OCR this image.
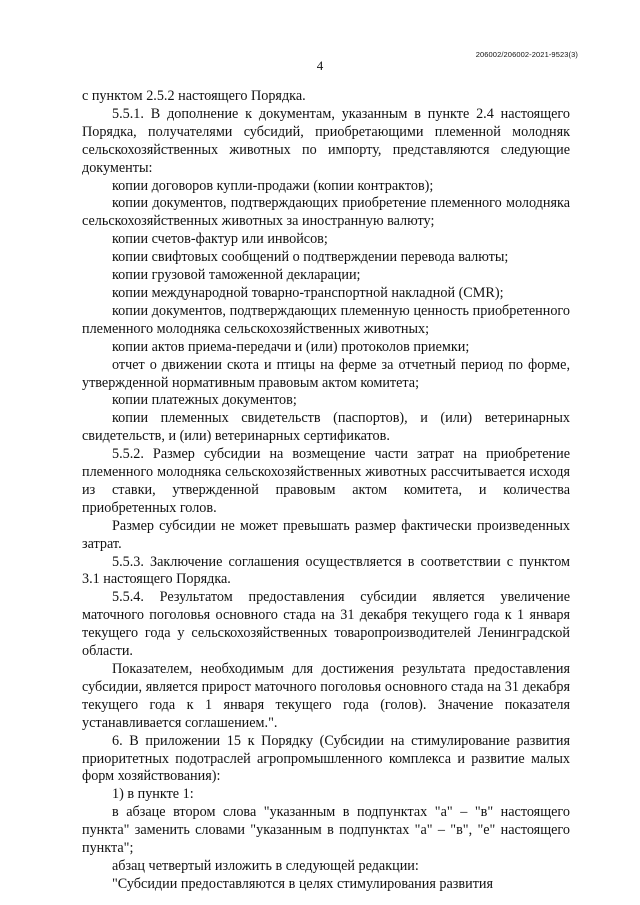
4
206002/206002-2021-9523(3)

с пунктом 2.5.2 настоящего Порядка.

5.5.1. В дополнение к документам, указанным в пункте 2.4 настоящего Порядка, получателями субсидий, приобретающими племенной молодняк сельскохозяйственных животных по импорту, представляются следующие документы:

копии договоров купли-продажи (копии контрактов);

копии документов, подтверждающих приобретение племенного молодняка сельскохозяйственных животных за иностранную валюту;

копии счетов-фактур или инвойсов;

копии свифтовых сообщений о подтверждении перевода валюты;

копии грузовой таможенной декларации;

копии международной товарно-транспортной накладной (CMR);

копии документов, подтверждающих племенную ценность приобретенного племенного молодняка сельскохозяйственных животных;

копии актов приема-передачи и (или) протоколов приемки;

отчет о движении скота и птицы на ферме за отчетный период по форме, утвержденной нормативным правовым актом комитета;

копии платежных документов;

копии племенных свидетельств (паспортов), и (или) ветеринарных свидетельств, и (или) ветеринарных сертификатов.

5.5.2. Размер субсидии на возмещение части затрат на приобретение племенного молодняка сельскохозяйственных животных рассчитывается исходя из ставки, утвержденной правовым актом комитета, и количества приобретенных голов.

Размер субсидии не может превышать размер фактически произведенных затрат.

5.5.3. Заключение соглашения осуществляется в соответствии с пунктом 3.1 настоящего Порядка.

5.5.4. Результатом предоставления субсидии является увеличение маточного поголовья основного стада на 31 декабря текущего года к 1 января текущего года у сельскохозяйственных товаропроизводителей Ленинградской области.

Показателем, необходимым для достижения результата предоставления субсидии, является прирост маточного поголовья основного стада на 31 декабря текущего года к 1 января текущего года (голов). Значение показателя устанавливается соглашением.".

6. В приложении 15 к Порядку (Субсидии на стимулирование развития приоритетных подотраслей агропромышленного комплекса и развитие малых форм хозяйствования):

1) в пункте 1:

в абзаце втором слова "указанным в подпунктах "а" – "в" настоящего пункта" заменить словами "указанным в подпунктах "а" – "в", "е" настоящего пункта";

абзац четвертый изложить в следующей редакции:

"Субсидии предоставляются в целях стимулирования развития
